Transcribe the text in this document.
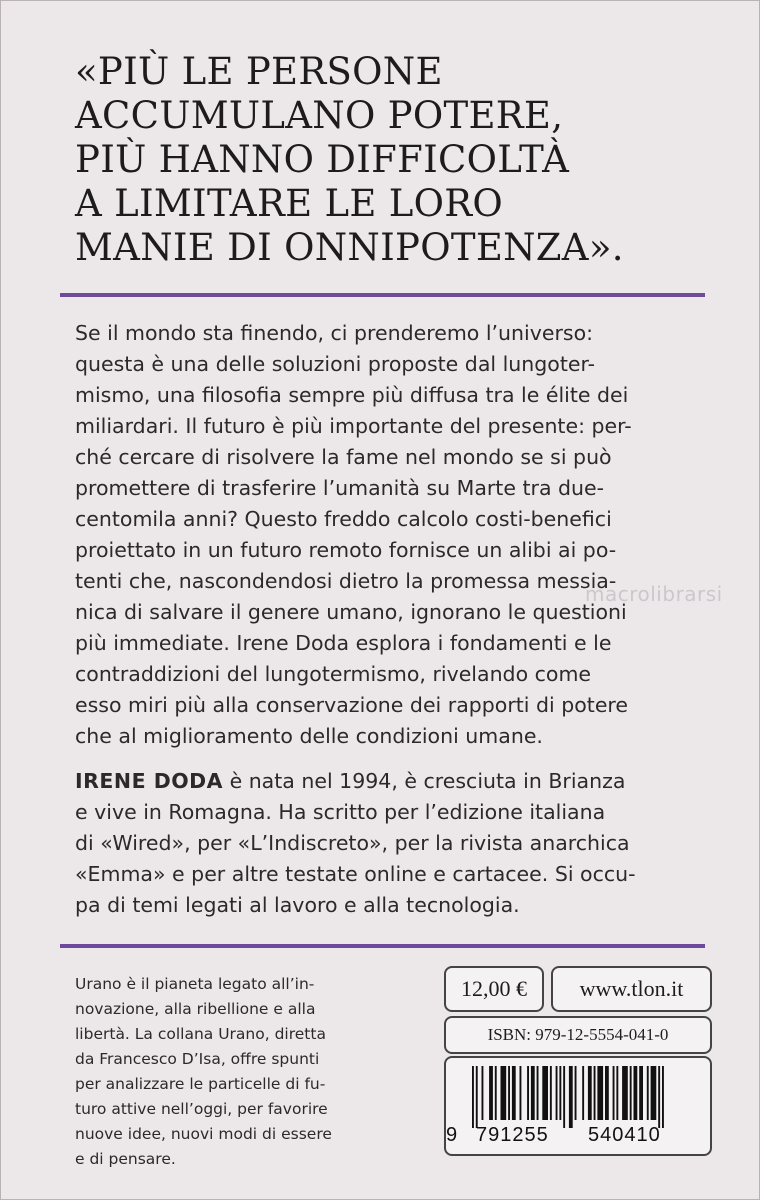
«PIÙ LE PERSONE
ACCUMULANO POTERE,
PIÙ HANNO DIFFICOLTÀ
A LIMITARE LE LORO
MANIE DI ONNIPOTENZA».
Se il mondo sta finendo, ci prenderemo l’universo:
questa è una delle soluzioni proposte dal lungoter-
mismo, una filosofia sempre più diffusa tra le élite dei
miliardari. Il futuro è più importante del presente: per-
ché cercare di risolvere la fame nel mondo se si può
promettere di trasferire l’umanità su Marte tra due-
centomila anni? Questo freddo calcolo costi-benefici
proiettato in un futuro remoto fornisce un alibi ai po-
tenti che, nascondendosi dietro la promessa messia-
nica di salvare il genere umano, ignorano le questioni
più immediate. Irene Doda esplora i fondamenti e le
contraddizioni del lungotermismo, rivelando come
esso miri più alla conservazione dei rapporti di potere
che al miglioramento delle condizioni umane.
IRENE DODA è nata nel 1994, è cresciuta in Brianza
e vive in Romagna. Ha scritto per l’edizione italiana
di «Wired», per «L’Indiscreto», per la rivista anarchica
«Emma» e per altre testate online e cartacee. Si occu-
pa di temi legati al lavoro e alla tecnologia.
macrolibrarsi
Urano è il pianeta legato all’in-
novazione, alla ribellione e alla
libertà. La collana Urano, diretta
da Francesco D’Isa, offre spunti
per analizzare le particelle di fu-
turo attive nell’oggi, per favorire
nuove idee, nuovi modi di essere
e di pensare.
12,00 €	www.tlon.it
ISBN: 979-12-5554-041-0
9 791255 540410
